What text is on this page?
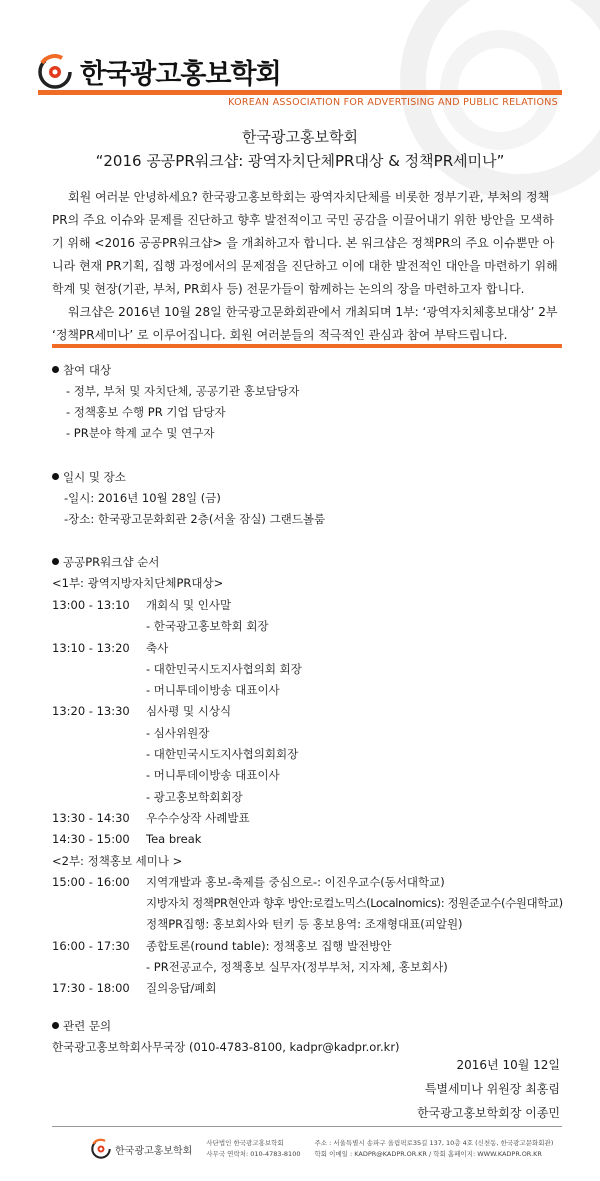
한국광고홍보학회
KOREAN ASSOCIATION FOR ADVERTISING AND PUBLIC RELATIONS
한국광고홍보학회
“2016 공공PR워크샵: 광역자치단체PR대상 & 정책PR세미나”

회원 여러분 안녕하세요? 한국광고홍보학회는 광역자치단체를 비롯한 정부기관, 부처의 정책PR의 주요 이슈와 문제를 진단하고 향후 발전적이고 국민 공감을 이끌어내기 위한 방안을 모색하기 위해 <2016 공공PR워크샵> 을 개최하고자 합니다. 본 워크샵은 정책PR의 주요 이슈뿐만 아니라 현재 PR기획, 집행 과정에서의 문제점을 진단하고 이에 대한 발전적인 대안을 마련하기 위해 학계 및 현장(기관, 부처, PR회사 등) 전문가들이 함께하는 논의의 장을 마련하고자 합니다.

워크샵은 2016년 10월 28일 한국광고문화회관에서 개최되며 1부: ‘광역자치체홍보대상’ 2부 ‘정책PR세미나’ 로 이루어집니다. 회원 여러분들의 적극적인 관심과 참여 부탁드립니다.

참여 대상
- 정부, 부처 및 자치단체, 공공기관 홍보담당자
- 정책홍보 수행 PR 기업 담당자
- PR분야 학계 교수 및 연구자
일시 및 장소
-일시: 2016년 10월 28일 (금)
-장소: 한국광고문화회관 2층(서울 잠실) 그랜드볼룸
공공PR워크샵 순서
<1부: 광역지방자치단체PR대상>
13:00 - 13:10	개회식 및 인사말
- 한국광고홍보학회 회장
13:10 - 13:20	축사
- 대한민국시도지사협의회 회장
- 머니투데이방송 대표이사
13:20 - 13:30	심사평 및 시상식
- 심사위원장
- 대한민국시도지사협의회회장
- 머니투데이방송 대표이사
- 광고홍보학회회장
13:30 - 14:30	우수수상작 사례발표
14:30 - 15:00	Tea break
<2부: 정책홍보 세미나 >
15:00 - 16:00	지역개발과 홍보-축제를 중심으로-: 이진우교수(동서대학교)
지방자치 정책PR현안과 향후 방안:로컬노믹스(Localnomics): 정원준교수(수원대학교)
정책PR집행: 홍보회사와 턴키 등 홍보용역: 조재형대표(피알원)
16:00 - 17:30	종합토론(round table): 정책홍보 집행 발전방안
- PR전공교수, 정책홍보 실무자(정부부처, 지자체, 홍보회사)
17:30 - 18:00	질의응답/폐회
관련 문의
한국광고홍보학회사무국장 (010-4783-8100, kadpr@kadpr.or.kr)
2016년 10월 12일
특별세미나 위원장 최홍림
한국광고홍보학회장 이종민
한국광고홍보학회
사단법인 한국광고홍보학회
사무국 연락처: 010-4783-8100
주소 : 서울특별시 송파구 올림픽로35길 137, 10층 4호 (신천동, 한국광고문화회관)
학회 이메일 : KADPR@KADPR.OR.KR / 학회 홈페이지: WWW.KADPR.OR.KR
